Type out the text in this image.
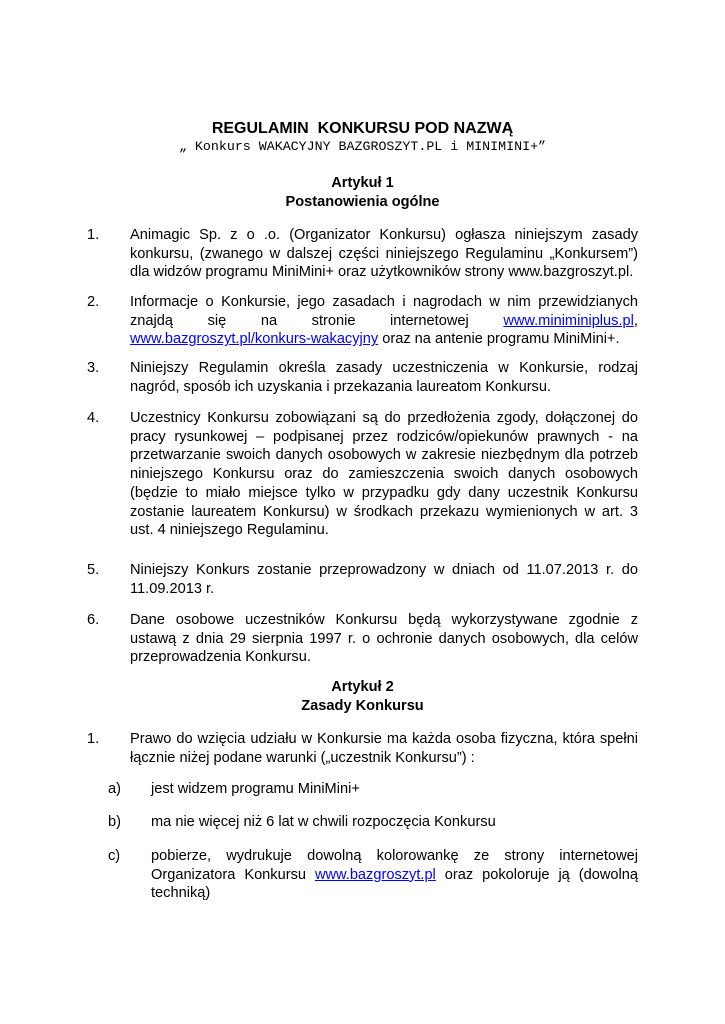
REGULAMIN  KONKURSU POD NAZWĄ
„ Konkurs WAKACYJNY BAZGROSZYT.PL i MINIMINI+”
Artykuł 1
Postanowienia ogólne
1. Animagic Sp. z o .o. (Organizator Konkursu) ogłasza niniejszym zasady konkursu, (zwanego w dalszej części niniejszego Regulaminu „Konkursem”) dla widzów programu MiniMini+ oraz użytkowników strony www.bazgroszyt.pl.
2. Informacje o Konkursie, jego zasadach i nagrodach w nim przewidzianych
znajdą się na stronie internetowej www.miniminiplus.pl,
www.bazgroszyt.pl/konkurs-wakacyjny oraz na antenie programu MiniMini+.
3. Niniejszy Regulamin określa zasady uczestniczenia w Konkursie, rodzaj nagród, sposób ich uzyskania i przekazania laureatom Konkursu.
4. Uczestnicy Konkursu zobowiązani są do przedłożenia zgody, dołączonej do pracy rysunkowej – podpisanej przez rodziców/opiekunów prawnych - na przetwarzanie swoich danych osobowych w zakresie niezbędnym dla potrzeb niniejszego Konkursu oraz do zamieszczenia swoich danych osobowych (będzie to miało miejsce tylko w przypadku gdy dany uczestnik Konkursu zostanie laureatem Konkursu) w środkach przekazu wymienionych w art. 3 ust. 4 niniejszego Regulaminu.
5. Niniejszy Konkurs zostanie przeprowadzony w dniach od 11.07.2013 r. do 11.09.2013 r.
6. Dane osobowe uczestników Konkursu będą wykorzystywane zgodnie z ustawą z dnia 29 sierpnia 1997 r. o ochronie danych osobowych, dla celów przeprowadzenia Konkursu.
Artykuł 2
Zasady Konkursu
1. Prawo do wzięcia udziału w Konkursie ma każda osoba fizyczna, która spełni łącznie niżej podane warunki („uczestnik Konkursu”) :
a) jest widzem programu MiniMini+
b) ma nie więcej niż 6 lat w chwili rozpoczęcia Konkursu
c) pobierze, wydrukuje dowolną kolorowankę ze strony internetowej Organizatora Konkursu www.bazgroszyt.pl oraz pokoloruje ją (dowolną techniką)
